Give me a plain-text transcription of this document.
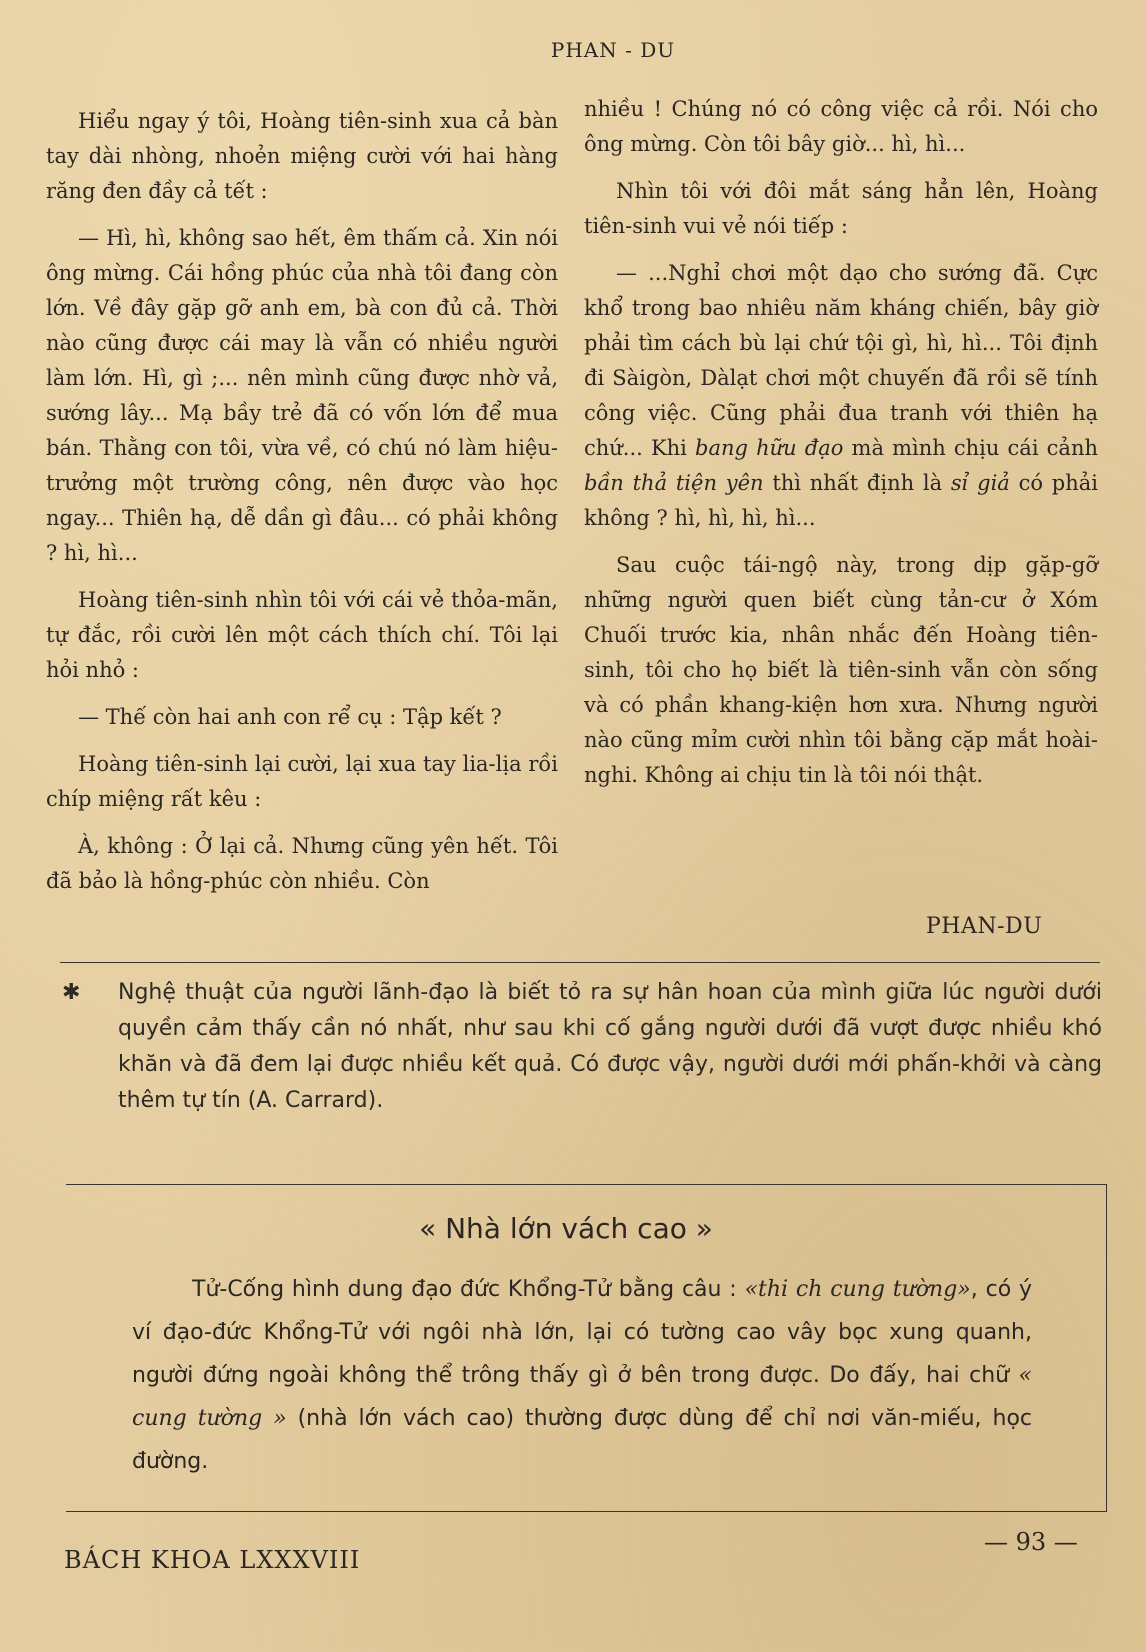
PHAN - DU

Hiểu ngay ý tôi, Hoàng tiên-sinh xua cả bàn tay dài nhòng, nhoẻn miệng cười với hai hàng răng đen đầy cả tết :

— Hì, hì, không sao hết, êm thấm cả. Xin nói ông mừng. Cái hồng phúc của nhà tôi đang còn lớn. Về đây gặp gỡ anh em, bà con đủ cả. Thời nào cũng được cái may là vẫn có nhiều người làm lớn. Hì, gì ;... nên mình cũng được nhờ vả, sướng lây... Mạ bầy trẻ đã có vốn lớn để mua bán. Thằng con tôi, vừa về, có chú nó làm hiệu-trưởng một trường công, nên được vào học ngay... Thiên hạ, dễ dần gì đâu... có phải không ? hì, hì...

Hoàng tiên-sinh nhìn tôi với cái vẻ thỏa-mãn, tự đắc, rồi cười lên một cách thích chí. Tôi lại hỏi nhỏ :

— Thế còn hai anh con rể cụ : Tập kết ?

Hoàng tiên-sinh lại cười, lại xua tay lia-lịa rồi chíp miệng rất kêu :

À, không : Ở lại cả. Nhưng cũng yên hết. Tôi đã bảo là hồng-phúc còn nhiều. Còn

nhiều ! Chúng nó có công việc cả rồi. Nói cho ông mừng. Còn tôi bây giờ... hì, hì...

Nhìn tôi với đôi mắt sáng hẳn lên, Hoàng tiên-sinh vui vẻ nói tiếp :

— ...Nghỉ chơi một dạo cho sướng đã. Cực khổ trong bao nhiêu năm kháng chiến, bây giờ phải tìm cách bù lại chứ tội gì, hì, hì... Tôi định đi Sàigòn, Dàlạt chơi một chuyến đã rồi sẽ tính công việc. Cũng phải đua tranh với thiên hạ chứ... Khi bang hữu đạo mà mình chịu cái cảnh bần thả tiện yên thì nhất định là sỉ giả có phải không ? hì, hì, hì, hì...

Sau cuộc tái-ngộ này, trong dịp gặp-gỡ những người quen biết cùng tản-cư ở Xóm Chuối trước kia, nhân nhắc đến Hoàng tiên-sinh, tôi cho họ biết là tiên-sinh vẫn còn sống và có phần khang-kiện hơn xưa. Nhưng người nào cũng mỉm cười nhìn tôi bằng cặp mắt hoài-nghi. Không ai chịu tin là tôi nói thật.

PHAN-DU
✱ Nghệ thuật của người lãnh-đạo là biết tỏ ra sự hân hoan của mình giữa lúc người dưới quyền cảm thấy cần nó nhất, như sau khi cố gắng người dưới đã vượt được nhiều khó khăn và đã đem lại được nhiều kết quả. Có được vậy, người dưới mới phấn-khởi và càng thêm tự tín (A. Carrard).
« Nhà lớn vách cao »

Tử-Cống hình dung đạo đức Khổng-Tử bằng câu : «thi ch cung tường», có ý ví đạo-đức Khổng-Tử với ngôi nhà lớn, lại có tường cao vây bọc xung quanh, người đứng ngoài không thể trông thấy gì ở bên trong được. Do đấy, hai chữ « cung tường » (nhà lớn vách cao) thường được dùng để chỉ nơi văn-miếu, học đường.

BÁCH KHOA LXXXVIII
— 93 —
